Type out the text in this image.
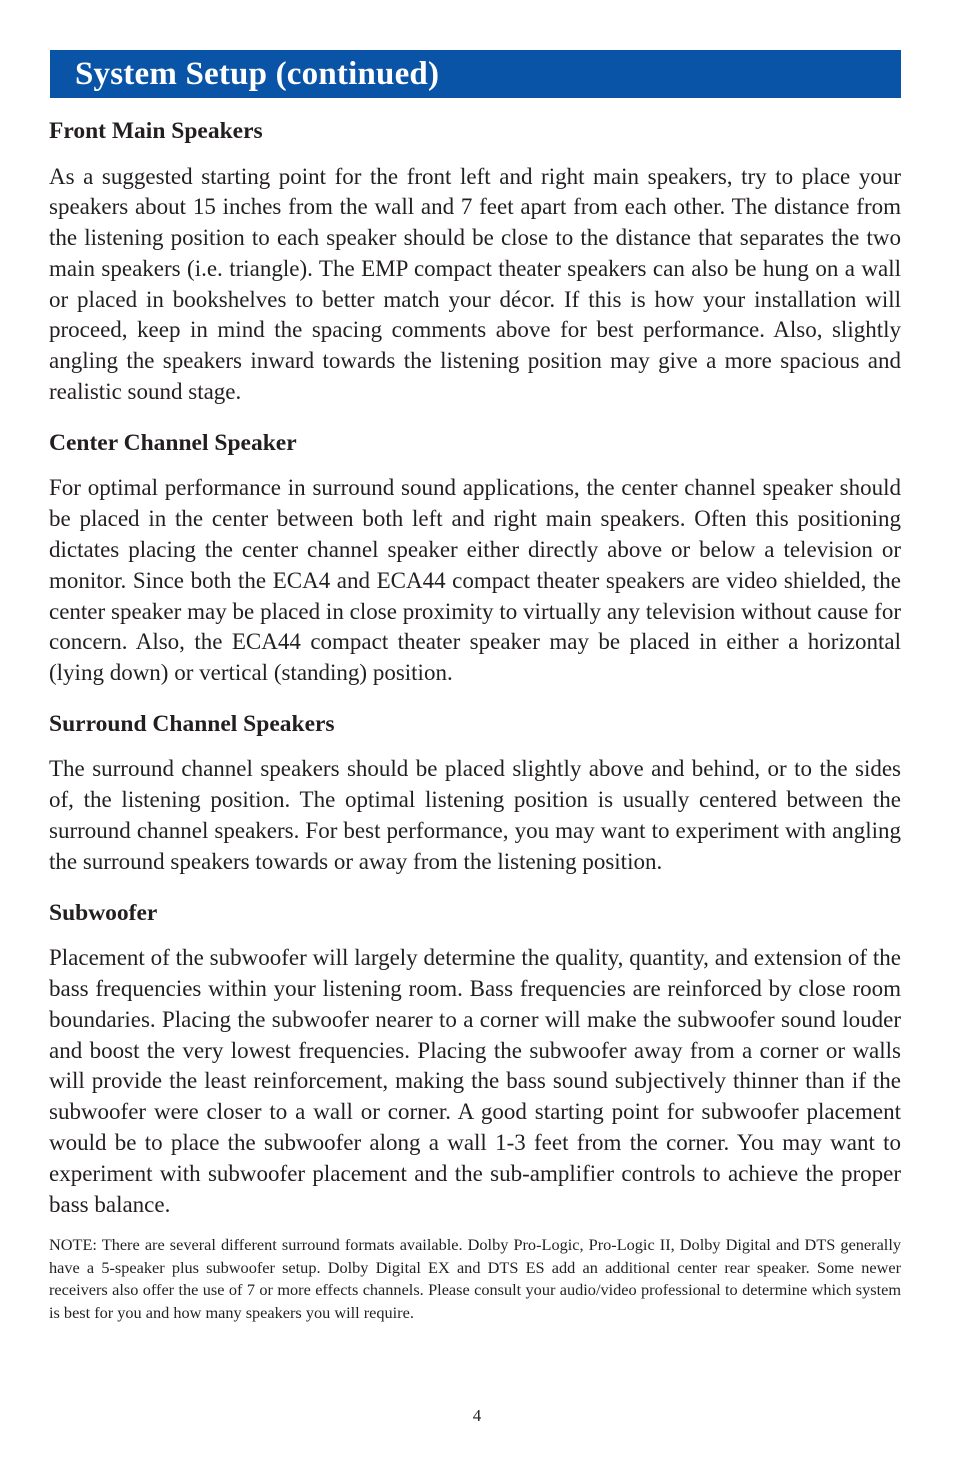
System Setup (continued)
Front Main Speakers

As a suggested starting point for the front left and right main speakers, try to place your speakers about 15 inches from the wall and 7 feet apart from each other. The distance from the listening position to each speaker should be close to the distance that separates the two main speakers (i.e. triangle). The EMP compact theater speakers can also be hung on a wall or placed in bookshelves to better match your décor. If this is how your installation will proceed, keep in mind the spacing comments above for best performance. Also, slightly angling the speakers inward towards the listening position may give a more spacious and realistic sound stage.

Center Channel Speaker

For optimal performance in surround sound applications, the center channel speaker should be placed in the center between both left and right main speakers. Often this positioning dictates placing the center channel speaker either directly above or below a television or monitor. Since both the ECA4 and ECA44 compact theater speakers are video shielded, the center speaker may be placed in close proximity to virtually any television without cause for concern. Also, the ECA44 compact theater speaker may be placed in either a horizontal (lying down) or vertical (standing) position.

Surround Channel Speakers

The surround channel speakers should be placed slightly above and behind, or to the sides of, the listening position. The optimal listening position is usually centered between the surround channel speakers. For best performance, you may want to experiment with angling the surround speakers towards or away from the listening position.

Subwoofer

Placement of the subwoofer will largely determine the quality, quantity, and extension of the bass frequencies within your listening room. Bass frequencies are reinforced by close room boundaries. Placing the subwoofer nearer to a corner will make the subwoofer sound louder and boost the very lowest frequencies. Placing the subwoofer away from a corner or walls will provide the least reinforcement, making the bass sound subjectively thinner than if the subwoofer were closer to a wall or corner. A good starting point for subwoofer placement would be to place the subwoofer along a wall 1-3 feet from the corner. You may want to experiment with subwoofer placement and the sub-amplifier controls to achieve the proper bass balance.

NOTE: There are several different surround formats available. Dolby Pro-Logic, Pro-Logic II, Dolby Digital and DTS generally have a 5-speaker plus subwoofer setup. Dolby Digital EX and DTS ES add an additional center rear speaker. Some newer receivers also offer the use of 7 or more effects channels. Please consult your audio/video professional to determine which system is best for you and how many speakers you will require.

4
